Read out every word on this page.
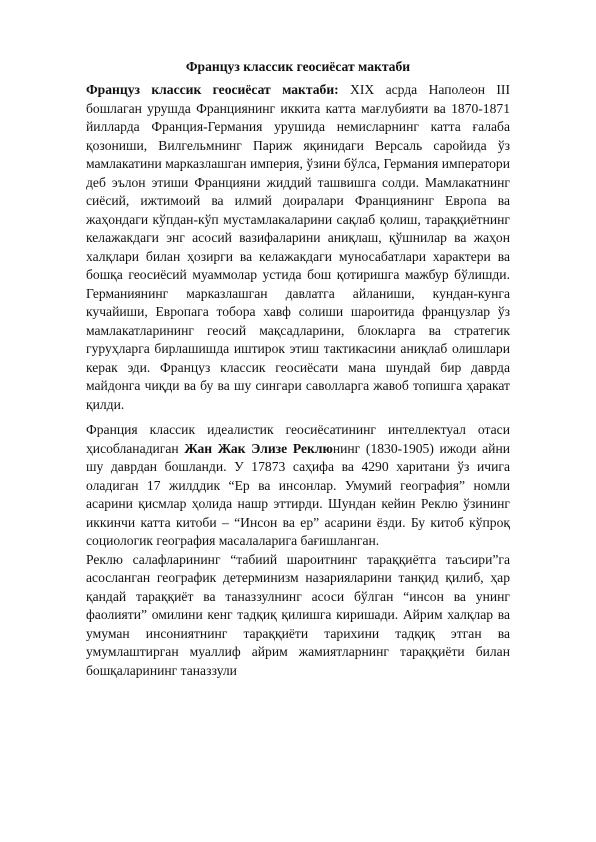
Француз классик геосиёсат мактаби

Француз классик геосиёсат мактаби: XIX асрда Наполеон III бошлаган урушда Франциянинг иккита катта мағлубияти ва 1870-1871 йилларда Франция-Германия урушида немисларнинг катта ғалаба қозониши, Вилгельмнинг Париж яқинидаги Версаль саройида ўз мамлакатини марказлашган империя, ўзини бўлса, Германия императори деб эълон этиши Францияни жиддий ташвишга солди. Мамлакатнинг сиёсий, ижтимоий ва илмий доиралари Франциянинг Европа ва жаҳондаги кўпдан-кўп мустамлакаларини сақлаб қолиш, тараққиётнинг келажакдаги энг асосий вазифаларини аниқлаш, қўшнилар ва жаҳон халқлари билан ҳозирги ва келажакдаги муносабатлари характери ва бошқа геосиёсий муаммолар устида бош қотиришга мажбур бўлишди. Германиянинг марказлашган давлатга айланиши, кундан-кунга кучайиши, Европага тобора хавф солиши шароитида французлар ўз мамлакатларининг геосий мақсадларини, блокларга ва стратегик гуруҳларга бирлашишда иштирок этиш тактикасини аниқлаб олишлари керак эди. Француз классик геосиёсати мана шундай бир даврда майдонга чиқди ва бу ва шу сингари саволларга жавоб топишга ҳаракат қилди.

Франция классик идеалистик геосиёсатининг интеллектуал отаси ҳисобланадиган Жан Жак Элизе Реклюнинг (1830-1905) ижоди айни шу даврдан бошланди. У 17873 саҳифа ва 4290 харитани ўз ичига оладиган 17 жилддик “Ер ва инсонлар. Умумий география” номли асарини қисмлар ҳолида нашр эттирди. Шундан кейин Реклю ўзининг иккинчи катта китоби – “Инсон ва ер” асарини ёзди. Бу китоб кўпроқ социологик география масалаларига бағишланган.

Реклю салафларининг “табиий шароитнинг тараққиётга таъсири”га асосланган географик детерминизм назарияларини танқид қилиб, ҳар қандай тараққиёт ва таназзулнинг асоси бўлган “инсон ва унинг фаолияти” омилини кенг тадқиқ қилишга киришади. Айрим халқлар ва умуман инсониятнинг тараққиёти тарихини тадқиқ этган ва умумлаштирган муаллиф айрим жамиятларнинг тараққиёти билан бошқаларининг таназзули
